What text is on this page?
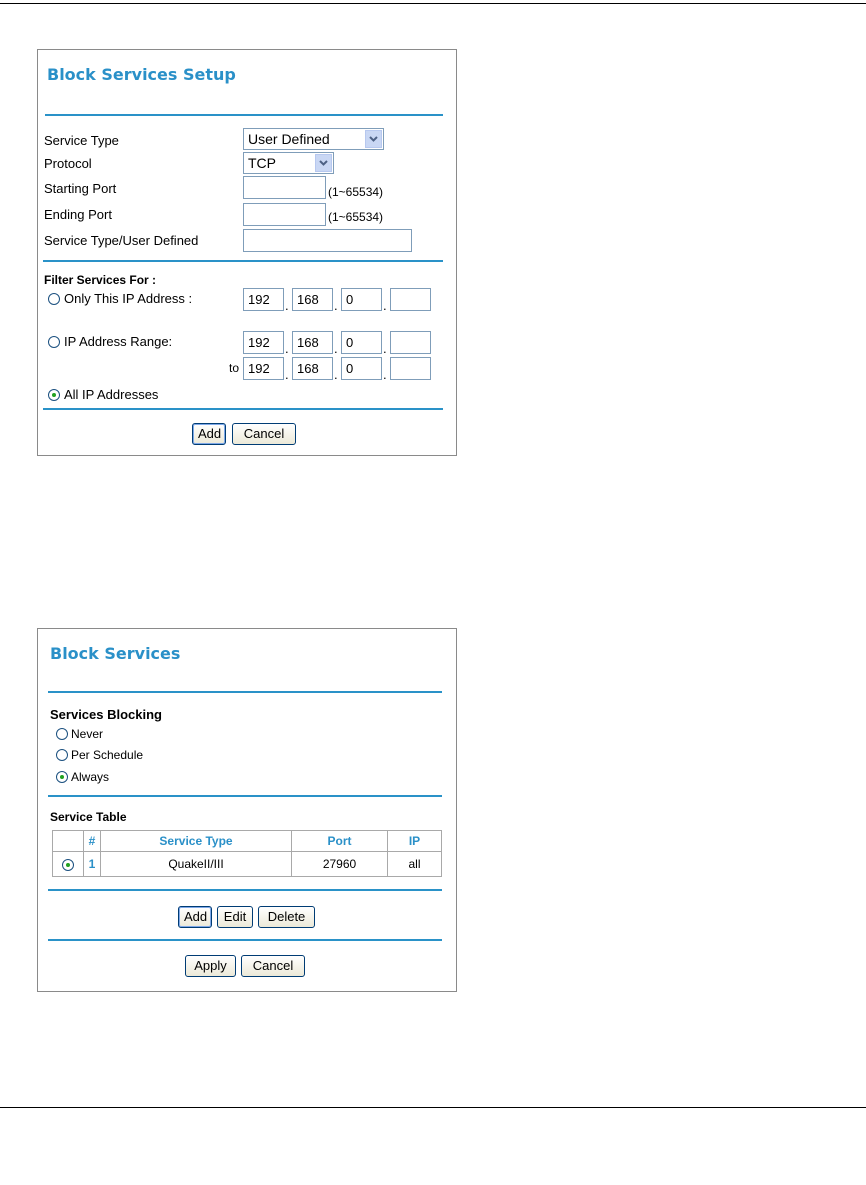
Block Services Setup
Service Type	User Defined
Protocol	TCP
Starting Port	(1~65534)
Ending Port	(1~65534)
Service Type/User Defined
Filter Services For :
Only This IP Address :	192	. 168	. 0	.
IP Address Range:	192	. 168	. 0	.
to 192	. 168	. 0	.
All IP Addresses
Add	Cancel
Block Services
Services Blocking
Never
Per Schedule
Always
Service Table
	#	Service Type	Port	IP
	1	QuakeII/III	27960	all
Add	Edit	Delete
Apply	Cancel
